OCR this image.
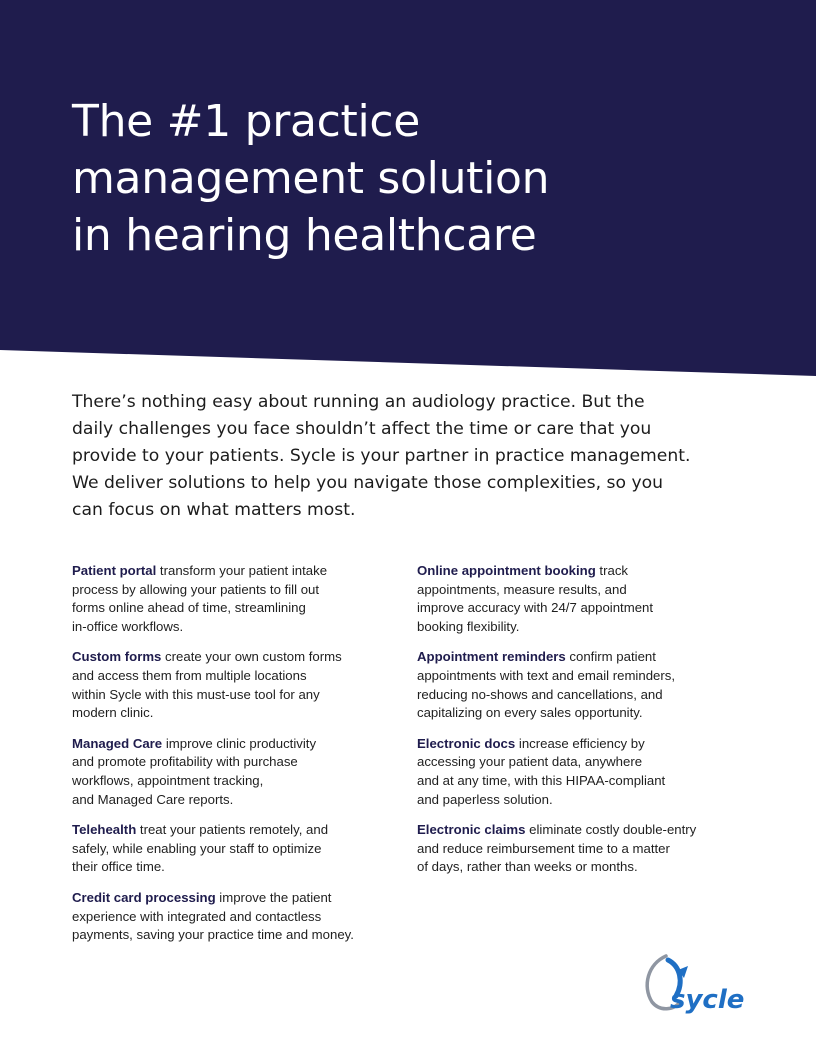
The #1 practice
management solution
in hearing healthcare

There’s nothing easy about running an audiology practice. But the
daily challenges you face shouldn’t affect the time or care that you
provide to your patients. Sycle is your partner in practice management.
We deliver solutions to help you navigate those complexities, so you
can focus on what matters most.

Patient portal transform your patient intake
process by allowing your patients to fill out
forms online ahead of time, streamlining
in-office workflows.

Custom forms create your own custom forms
and access them from multiple locations
within Sycle with this must-use tool for any
modern clinic.

Managed Care improve clinic productivity
and promote profitability with purchase
workflows, appointment tracking,
and Managed Care reports.

Telehealth treat your patients remotely, and
safely, while enabling your staff to optimize
their office time.

Credit card processing improve the patient
experience with integrated and contactless
payments, saving your practice time and money.

Online appointment booking track
appointments, measure results, and
improve accuracy with 24/7 appointment
booking flexibility.

Appointment reminders confirm patient
appointments with text and email reminders,
reducing no-shows and cancellations, and
capitalizing on every sales opportunity.

Electronic docs increase efficiency by
accessing your patient data, anywhere
and at any time, with this HIPAA-compliant
and paperless solution.

Electronic claims eliminate costly double-entry
and reduce reimbursement time to a matter
of days, rather than weeks or months.

sycle
